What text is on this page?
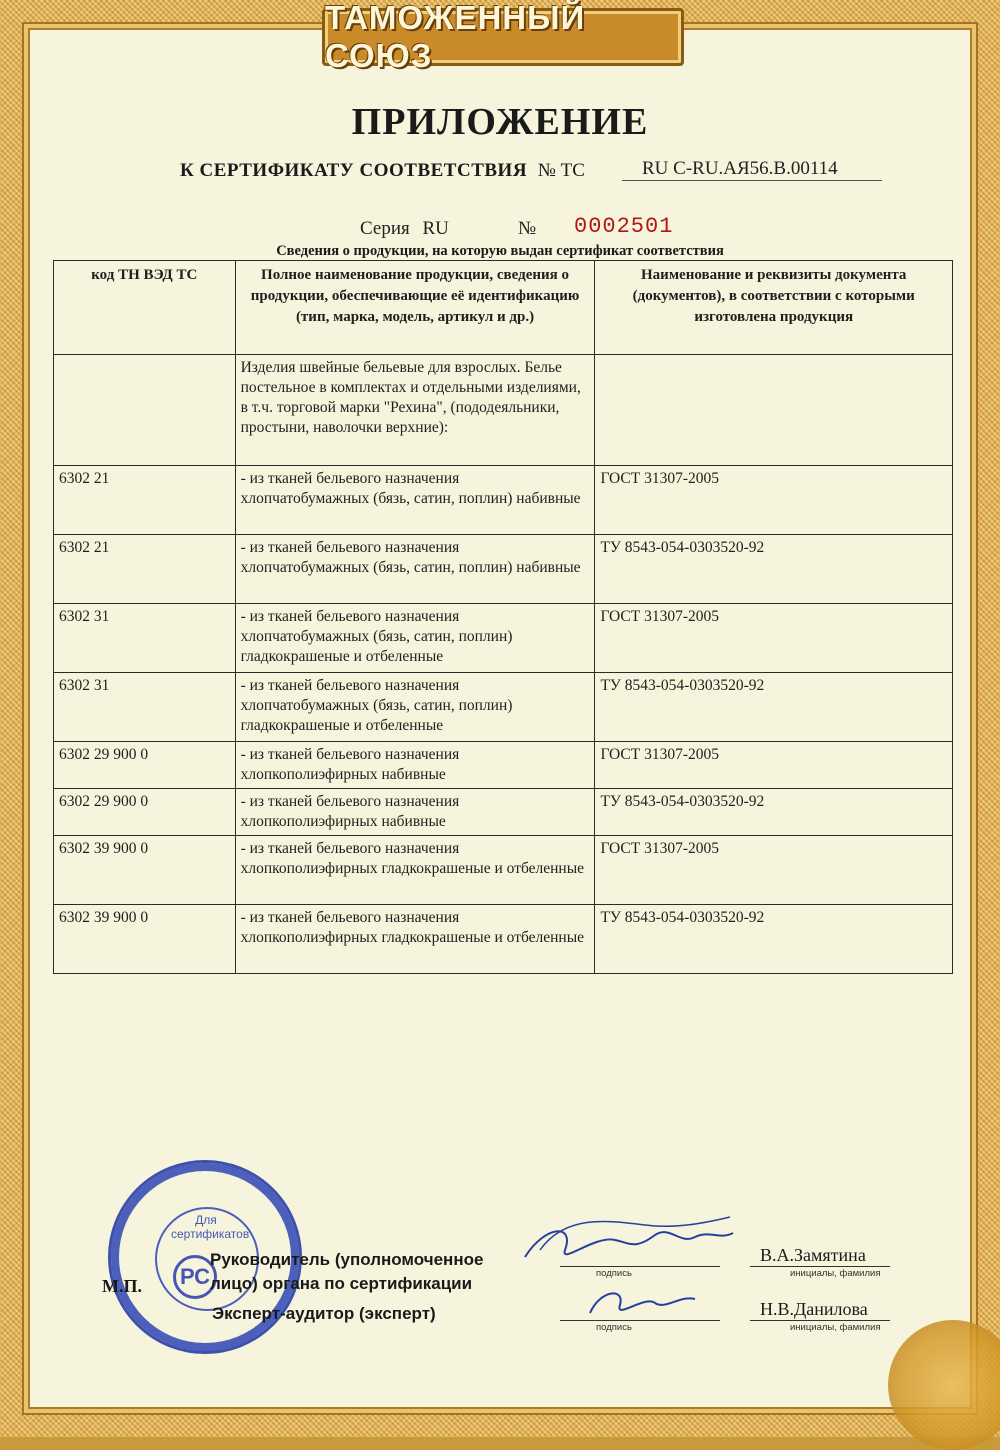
ТАМОЖЕННЫЙ СОЮЗ
ПРИЛОЖЕНИЕ
К СЕРТИФИКАТУ СООТВЕТСТВИЯ № ТС	RU C-RU.АЯ56.В.00114
Серия RU	№ 0002501
Сведения о продукции, на которую выдан сертификат соответствия
код ТН ВЭД ТС	Полное наименование продукции, сведения о продукции, обеспечивающие её идентификацию (тип, марка, модель, артикул и др.)	Наименование и реквизиты документа (документов), в соответствии с которыми изготовлена продукция
	Изделия швейные бельевые для взрослых. Белье постельное в комплектах и отдельными изделиями, в т.ч. торговой марки "Рехина", (пододеяльники, простыни, наволочки верхние):	
6302 21	- из тканей бельевого назначения хлопчатобумажных (бязь, сатин, поплин) набивные	ГОСТ 31307-2005
6302 21	- из тканей бельевого назначения хлопчатобумажных (бязь, сатин, поплин) набивные	ТУ 8543-054-0303520-92
6302 31	- из тканей бельевого назначения хлопчатобумажных (бязь, сатин, поплин) гладкокрашеные и отбеленные	ГОСТ 31307-2005
6302 31	- из тканей бельевого назначения хлопчатобумажных (бязь, сатин, поплин) гладкокрашеные и отбеленные	ТУ 8543-054-0303520-92
6302 29 900 0	- из тканей бельевого назначения хлопкополиэфирных набивные	ГОСТ 31307-2005
6302 29 900 0	- из тканей бельевого назначения хлопкополиэфирных набивные	ТУ 8543-054-0303520-92
6302 39 900 0	- из тканей бельевого назначения хлопкополиэфирных гладкокрашеные и отбеленные	ГОСТ 31307-2005
6302 39 900 0	- из тканей бельевого назначения хлопкополиэфирных гладкокрашеные и отбеленные	ТУ 8543-054-0303520-92
Для сертификатов
РС
М.П.
Руководитель (уполномоченное лицо) органа по сертификации
Эксперт-аудитор (эксперт)
подпись
В.А.Замятина
инициалы, фамилия
подпись
Н.В.Данилова
инициалы, фамилия
